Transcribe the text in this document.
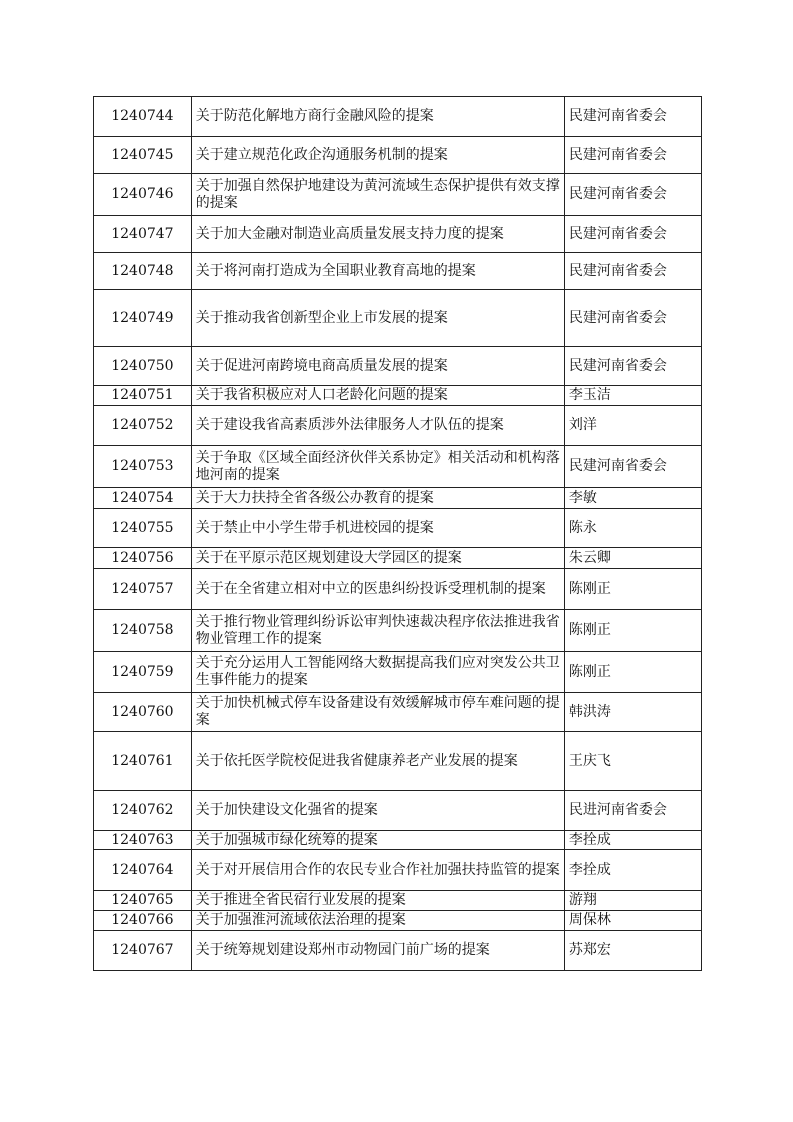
1240744	关于防范化解地方商行金融风险的提案	民建河南省委会
1240745	关于建立规范化政企沟通服务机制的提案	民建河南省委会
1240746	关于加强自然保护地建设为黄河流域生态保护提供有效支撑的提案	民建河南省委会
1240747	关于加大金融对制造业高质量发展支持力度的提案	民建河南省委会
1240748	关于将河南打造成为全国职业教育高地的提案	民建河南省委会
1240749	关于推动我省创新型企业上市发展的提案	民建河南省委会
1240750	关于促进河南跨境电商高质量发展的提案	民建河南省委会
1240751	关于我省积极应对人口老龄化问题的提案	李玉洁
1240752	关于建设我省高素质涉外法律服务人才队伍的提案	刘洋
1240753	关于争取《区域全面经济伙伴关系协定》相关活动和机构落地河南的提案	民建河南省委会
1240754	关于大力扶持全省各级公办教育的提案	李敏
1240755	关于禁止中小学生带手机进校园的提案	陈永
1240756	关于在平原示范区规划建设大学园区的提案	朱云卿
1240757	关于在全省建立相对中立的医患纠纷投诉受理机制的提案	陈刚正
1240758	关于推行物业管理纠纷诉讼审判快速裁决程序依法推进我省物业管理工作的提案	陈刚正
1240759	关于充分运用人工智能网络大数据提高我们应对突发公共卫生事件能力的提案	陈刚正
1240760	关于加快机械式停车设备建设有效缓解城市停车难问题的提案	韩洪涛
1240761	关于依托医学院校促进我省健康养老产业发展的提案	王庆飞
1240762	关于加快建设文化强省的提案	民进河南省委会
1240763	关于加强城市绿化统筹的提案	李拴成
1240764	关于对开展信用合作的农民专业合作社加强扶持监管的提案	李拴成
1240765	关于推进全省民宿行业发展的提案	游翔
1240766	关于加强淮河流域依法治理的提案	周保林
1240767	关于统筹规划建设郑州市动物园门前广场的提案	苏郑宏
